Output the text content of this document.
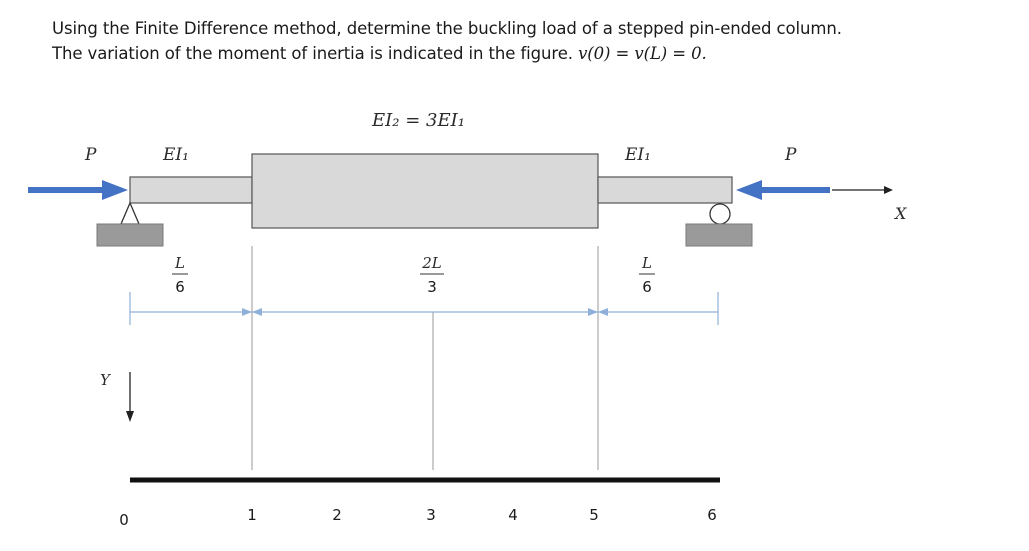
Using the Finite Difference method, determine the buckling load of a stepped pin-ended column.

The variation of the moment of inertia is indicated in the figure. v(0) = v(L) = 0.

EI₂ = 3EI₁
P	EI₁	EI₁	P
X
L
6
2L
3
L
6
Y
0	1	2	3	4	5	6
